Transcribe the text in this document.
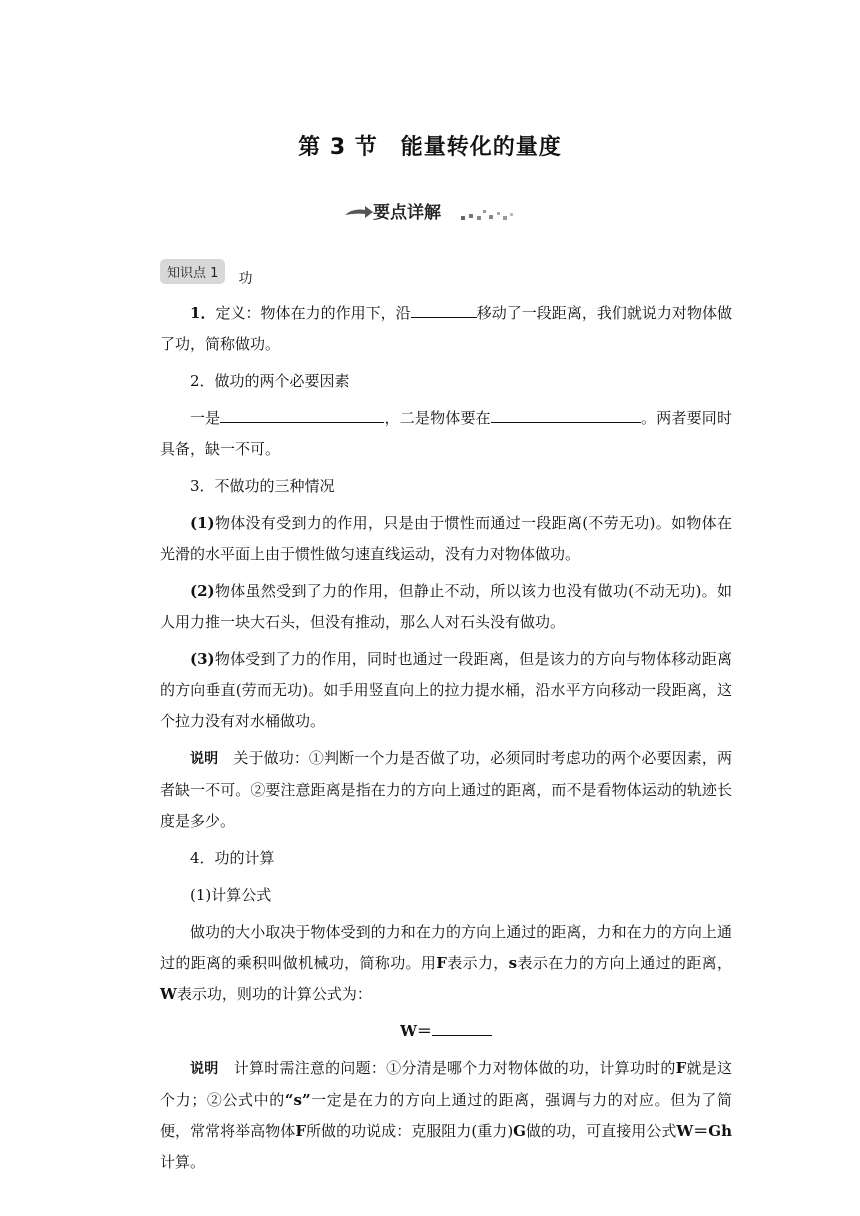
第 3 节　能量转化的量度
要点详解
知识点 1 功

1．定义：物体在力的作用下，沿	移动了一段距离，我们就说力对物体做了功，简称做功。

2．做功的两个必要因素

一是	，二是物体要在	。两者要同时具备，缺一不可。

3．不做功的三种情况

(1)物体没有受到力的作用，只是由于惯性而通过一段距离(不劳无功)。如物体在光滑的水平面上由于惯性做匀速直线运动，没有力对物体做功。

(2)物体虽然受到了力的作用，但静止不动，所以该力也没有做功(不动无功)。如人用力推一块大石头，但没有推动，那么人对石头没有做功。

(3)物体受到了力的作用，同时也通过一段距离，但是该力的方向与物体移动距离的方向垂直(劳而无功)。如手用竖直向上的拉力提水桶，沿水平方向移动一段距离，这个拉力没有对水桶做功。

说明　 关于做功：①判断一个力是否做了功，必须同时考虑功的两个必要因素，两者缺一不可。②要注意距离是指在力的方向上通过的距离，而不是看物体运动的轨迹长度是多少。

4．功的计算

(1)计算公式

做功的大小取决于物体受到的力和在力的方向上通过的距离，力和在力的方向上通过的距离的乘积叫做机械功，简称功。用F表示力，s表示在力的方向上通过的距离，W表示功，则功的计算公式为：

W＝

说明　 计算时需注意的问题：①分清是哪个力对物体做的功，计算功时的F就是这个力；②公式中的“s”一定是在力的方向上通过的距离，强调与力的对应。但为了简便，常常将举高物体F所做的功说成：克服阻力(重力)G做的功，可直接用公式W＝Gh计算。
